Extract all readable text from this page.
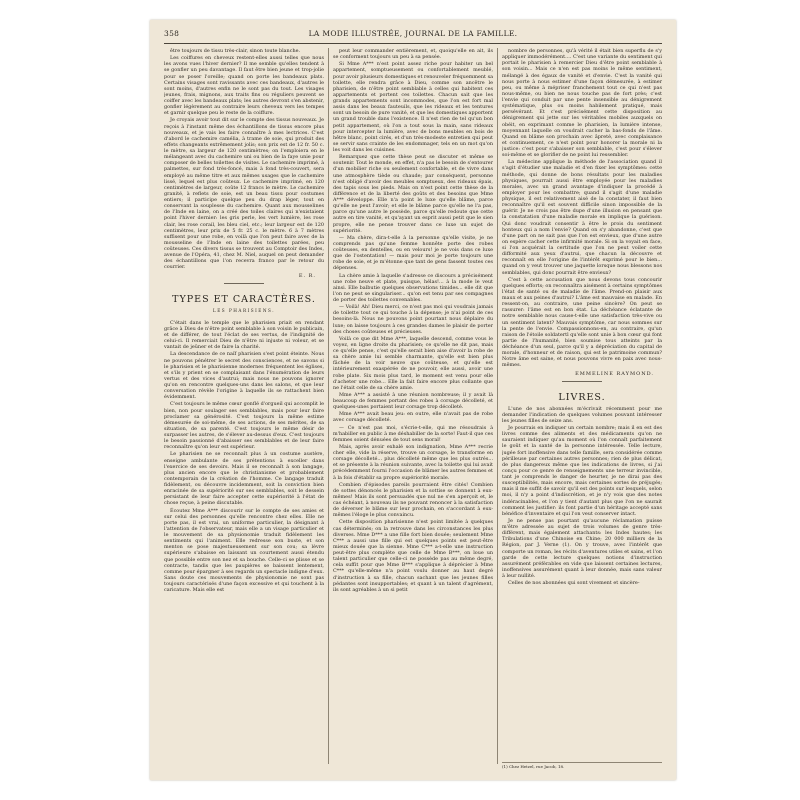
358	LA MODE ILLUSTRÉE, JOURNAL DE LA FAMILLE.

être toujours de tissu très-clair, sinon toute blanche.

Les coiffures en cheveux restent-elles aussi telles que nous les avons vues l'hiver dernier? Il me semble qu'elles tendent à se gonfler un peu davantage. Il faut être bien jeune et trop-jolie pour se poser l'oreille; quand on porte les bandeaux plats. Certains visages sont ravissants avec ces bandeaux, d'autres le sont moins, d'autres enfin ne le sont pas du tout. Les visages jeunes, frais, mignons, aux traits fins ou réguliers peuvent se coiffer avec les bandeaux plats; les autres devront s'en abstenir, gonfler légèrement au contraire leurs cheveux vers les tempes et garnir quelque peu le reste de la coiffure.

Je croyais avoir tout dit sur le compte des tissus nouveaux. Je reçois à l'instant même des échantillons de tissus encore plus nouveaux, et je vais les faire connaître à mes lectrices. C'est d'abord le cachemire camélia, à trame de soie, qui produit des effets changeants extrêmement jolis; son prix est de 12 fr. 50 c. le mètre, sa largeur de 120 centimètres; on l'emploiera en le mélangeant avec du cachemire uni ou bien de la faye unie pour composer de belles toilettes de visites. Le cachemire imprimé, à palmettes, sur fond très-foncé, mais à fond très-couvert, sera employé au même titre et aux mêmes usages que le cachemire lissé, lequel est plus coûteux. Le cachemire imprimé, en 120 centimètres de largeur, coûte 12 francs le mètre. Le cachemire granité, à reflets de soie, est un beau tissu pour costumes entiers; il participe quelque peu du drap léger, tout en conservant la souplesse du cachemire. Quant aux mousselines de l'Inde en laine, on a créé des toiles claires qui n'existaient point l'hiver dernier: les gris perle, les vert lumière, les rose clair, les rose corail, les bleu ciel, etc.; leur largeur est de 120 centimètres, leur prix de 5 fr. 25 c. le mètre. 6 à 7 mètres suffisent pour une robe, en voilà que l'on peut faire avec de la mousseline de l'Inde en laine des toilettes parées, peu coûteuses. Ces divers tissus se trouvent au Comptoir des Indes, avenue de l'Opéra, 41, chez M. Niel, auquel on peut demander des échantillons que l'on recevra franco par le retour du courrier.

E. R.
TYPES ET CARACTÈRES.
LES PHARISIENS.

C'était dans le temple que le pharisien priait en rendant grâce à Dieu de n'être point semblable à son voisin le publicain, et de différer, de tout l'éclat de ses vertus, de l'indignité de celui-ci. Il remerciait Dieu de n'être ni injuste ni voleur, et se vantait de jeûner et de faire la charité.

La descendance de ce naïf pharisien s'est point éteinte. Nous ne pouvons pénétrer le secret des consciences, et ne savons si le pharisien et le pharisienne modernes fréquentent les églises, et s'ils y prient en se complaisant dans l'énumération de leurs vertus et des vices d'autrui; mais nous ne pouvons ignorer qu'on en rencontre quelques-uns dans les salons, et que leur conversation révèle l'origine à laquelle ils se rattachent bien évidemment.

C'est toujours le même cœur gonflé d'orgueil qui accomplit le bien, non pour soulager ses semblables, mais pour leur faire proclamer sa générosité. C'est toujours la même estime démesurée de soi-même, de ses actions, de ses mérites, de sa situation, de sa parenté. C'est toujours le même désir de surpasser les autres, de s'élever au-dessus d'eux. C'est toujours le besoin passionné d'abaisser ses semblables et de leur faire reconnaître qu'on leur est supérieur.

Le pharisien ne se reconnaît plus à un costume austère, enseigne ambulante de ses prétentions à exceller dans l'exercice de ses devoirs. Mais il se reconnaît à son langage, plus ancien encore que le christianisme et probablement contemporain de la création de l'homme. Ce langage traduit fidèlement, ou découvre incidemment, soit la conviction bien enracinée de sa supériorité sur ses semblables, soit le dessein persistant de leur faire accepter cette supériorité à l'état de chose reçue, à peine discutable.

Écoutez Mme A*** discourir sur le compte de ses amies et sur celui des personnes qu'elle rencontre chez elles. Elle ne porte pas, il est vrai, un uniforme particulier, la désignant à l'attention de l'observateur, mais elle a un visage particulier et le mouvement de sa physionomie traduit fidèlement les sentiments qui l'animent. Elle redresse son buste, et son menton se pose majestueusement sur son cou; sa lèvre supérieure s'abaisse en laissant un courtement aussi étendu que possible entre son nez et sa bouche. Celle-ci se plisse et se contracte, tandis que les paupières se baissent lentement, comme pour épargner à ses regards un spectacle indigne d'eux. Sans doute ces mouvements de physionomie ne sont pas toujours caractérisés d'une façon excessive et qui touchent à la caricature. Mais elle est

peut leur commander entièrement, et, quoiqu'elle en ait, ils se conforment toujours un peu à sa pensée.

Si Mme A*** n'est point assez riche pour habiter un bel appartement, somptueusement ou confortablement meublé, pour avoir plusieurs domestiques et renouveler fréquemment sa toilette, elle rendra grâce à Dieu, comme son ancêtre le pharisien, de n'être point semblable à celles qui habitent ces appartements et portent ces toilettes. Chacun sait que les grands appartements sont incommodes, que l'on est fort mal assis dans les beaux fauteuils, que les rideaux et les tentures sont un besoin de pure vanité, et que les domestiques apportent un grand trouble dans l'existence. Il n'est rien de tel qu'un bon petit appartement, où l'on a tout sous la main, sans rideaux pour intercepter la lumière, avec de bons meubles en bois de hêtre blanc, point cirés, et d'un très-modeste entretien qui peut se servir sans crainte de les endommager, tels en un mot qu'on les voit dans les cuisines.

Remarquez que cette thèse peut se discuter et même se soutenir. Tout le monde, en effet, n'a pas le besoin de s'entourer d'un mobilier riche ou seulement confortable, et de vivre dans une atmosphère tiède ou chaude; par conséquent, personne n'est obligé d'avoir des meubles somptueux, des rideaux épais, des tapis sous les pieds. Mais on n'est point cette thèse de la différence et de la liberté des goûts et des besoins que Mme A*** développe. Elle n'a point le luxe qu'elle blâme, parce qu'elle ne peut l'avoir; et elle le blâme parce qu'elle ne l'a pas, parce qu'une autre le possède, parce qu'elle redoute que cette autre en tire vanité, et qu'ayant un esprit aussi petit que le sien propre, elle ne pense trouver dans ce luxe un sujet de supériorité.

— Ma chère, dira-t-elle à la personne qu'elle visite, je ne comprends pas qu'une femme honnête porte des robes coûteuses, en dentelles, ou en velours! je ne vois dans ce luxe que de l'ostentation! — mais pour moi je porte toujours une robe de soie, et je m'étonne que tant de gens fassent toutes ces dépenses.

La chère amie à laquelle s'adresse ce discours a précisément une robe neuve et plate, puisque, hélas!... à la mode le veut ainsi. Elle balbutie quelques observations timides... elle dit que l'on ne peut se singulariser... qu'on est tenu par ses compagnes de porter des toilettes convenables.

— Voilà! Ah! Dieu merci, ce n'est pas moi qui voudrais jamais de toilette tout ce qui touche à la dépense; je n'ai point de ces besoins-là. Nous ne pouvons point pourtant nous déplaire du luxe; on laisse toujours à ces grandes dames le plaisir de porter des choses coûteuses et précieuses.

Voilà ce que dit Mme A***, laquelle descend, comme vous le voyez, en ligne droite du pharisien; ce qu'elle ne dit pas, mais ce qu'elle pense, c'est qu'elle serait bien aise d'avoir la robe de sa chère amie lui semble charmante, qu'elle est bien plus fâchée de la voir neuve que coûteuse, et qu'elle est intérieurement exaspérée de ne pouvoir, elle aussi, avoir une robe plate. Six mois plus tard, le moment est venu pour elle d'acheter une robe... Elle la fait faire encore plus collante que ne l'était celle de sa chère amie.

Mme A*** a assisté à une réunion nombreuse; il y avait là beaucoup de femmes portant des robes à corsage décolleté, et quelques-unes portaient leur corsage trop décolleté.

Mme A*** avait beau jeu: en outre, elle n'avait pas de robe avec corsage décolleté.

— Ce n'est pas moi, s'écrie-t-elle, qui me résoudrais à m'habiller en public à me déshabiller de la sorte! Faut-il que ces femmes soient dénuées de tout sens moral!

Mais, après avoir exhalé son indignation, Mme A*** recrie cher elle, vide la réserve, trouve un corsage, le transforme en corsage décolleté... plus décolleté même que les plus outrés... et se présente à la réunion suivante, avec la toilette qui lui avait précédemment fourni l'occasion de blâmer les autres femmes et à la fois d'établir sa propre supériorité morale.

Combien d'épisodes pareils pourraient être cités! Combien de sottes dénoncés le pharisien et la sottise se donnent à eux-mêmes! Mais ils sont persuadés que nul ne s'en aperçoit et, le cas échéant, à nouveau ils ne pouvant renoncer à la satisfaction de déverser le blâme sur leur prochain, en s'accordant à eux-mêmes l'éloge le plus convaincu.

Cette disposition pharisienne n'est point limitée à quelques cas déterminés; on la retrouve dans les circonstances les plus diverses. Mme D*** a une fille fort bien douée; seulement Mme C*** a aussi une fille qui est quelques points est peut-être mieux douée que la sienne. Mme C*** a-t-elle une instruction peut-être plus complète que celle de Mme B***, on loue un talent particulier que celle-ci ne possède pas au même degré, cela suffit pour que Mme B*** s'applique à déprécier à Mme C*** qu'elle-même n'a point voulu donner au haut degré d'instruction à sa fille, chacun sachant que les jeunes filles pédantes sont insupportables; et quant à un talent d'agrément, ils sont agréables à un si petit

nombre de personnes, qu'à vérité il était bien superflu de s'y appliquer immodérément.... C'est une variante du sentiment qui portait le pharisien à remercier Dieu d'être point semblable à son voisin... Mais ce n'en est pas moins le même sentiment, mélangé à des égaux de vanité et d'envie. C'est la vanité qui nous porte à nous estimer d'une façon démesurée, à estimer peu, ou même à mépriser franchement tout ce qui n'est pas nous-même, ou bien ne nous touche pas de fort près; c'est l'envie qui conduit par une pente insensible au dénigrement systématique, plus ou moins habilement pratiqué, mais persévérant. Et c'est précisément cette disposition au dénigrement qui jette sur les véritables mobiles auxquels on obéit, en exprimant comme le pharisien, la lumière intense, moyennant laquelle on voudrait cacher la bas-fonds de l'âme. Quand on blâme son prochain avec âpreté, avec complaisance et continuement, ce n'est point pour honorer la morale ni la justice: c'est pour s'abaisser son semblable, c'est pour s'élever soi-même et se glorifier de ne point lui ressembler.

La médecine applique la méthode de l'association quand il s'agit d'étudier une maladie et d'en fixer les symptômes: cette méthode, qui donne de bons résultats pour les maladies physiques, pourrait aussi être employée pour les maladies morales, avec un grand avantage d'indiquer la procédé à employer pour les combattre; quand il s'agit d'une maladie physique, il est relativement aisé de la constater, il faut bien reconnaître qu'il est souvent difficile sinon impossible de la guérir. Je ne crois pas être dupe d'une illusion en pensant que la constatation d'une maladie morale en implique la guérison. Qui donc voudrait consentir à être le prois du sentiment honteux qui a nom l'envie? Quand on s'y abandonne, c'est que d'une part on ne sait pas que l'on est envieux, que d'une autre on espère cacher cette infirmité morale. Si on la voyait en face, si l'on acquérait la certitude que l'on ne peut voiler cette difformité aux yeux d'autrui, que chacun la découvre et reconnaît en elle l'origine de l'intérêt exprimé pour le bien... quand on y veut trouver une jaquette lorsque nous blessons nos semblables, qui donc pourrait être envieux?

C'est à cette accusation que nous devons tous concourir quelques efforts; on reconnaîtra aisément à certains symptômes l'état de santé ou de maladie de l'âme. Prend-on plaisir aux maux et aux peines d'autrui? L'âme est mauvaise en malade. En ressent-on, au contraire, une peine sincère? On peut se rassurer: l'âme est en bon état. La déchéance éclatante de notre semblable nous cause-t-elle une satisfaction très-vive ou un sentiment latent? Mauvais symptôme, car nous sommes sur la pente de l'envie. Compassionnons-en, au contraire, qu'un raison de l'étoile soldatertl qu'elle sont unie à bon cœur qui font partie de l'humanité, bien soumise tous atteints par la déchéance d'un seul, parce qu'il y a dépréciation du capital de morale, d'honneur et de raison, qui est le patrimoine commun? Notre âme est saine, et nous pouvons vivre en paix avec nous-mêmes.

EMMELINE RAYMOND.
LIVRES.

L'une de nos abonnées m'écrivait récemment pour me demander l'indication de quelques volumes pouvant intéresser les jeunes filles de seize ans.

Je pourrais en indiquer un certain nombre; mais il en est des livres comme des aliments et des médicaments qu'on ne sauraient indiquer qu'au moment où l'on connaît parfaitement le goût et la santé de la personne intéressée. Telle lecture, jugée fort inoffensive dans telle famille, sera considérée comme périlleuse par certaines autres personnes; rien de plus délicat, de plus dangereux même que les indications de livres, si j'ai conçu pour ce genre de renseignements une terreur invincible, tant je comprends le danger de heurter, je ne dirai pas des susceptibilités, mais encore, mais certaines sortes de préjugés; mais il me suffit de savoir qu'il est des points sur lesquels, selon moi, il n'y a point d'indiscrétion, et je n'y vois que des notes indéracinables, et l'on y tient d'autant plus que l'on ne saurait comment les justifier: ils font partie d'un héritage accepté sans bénéfice d'inventaire et qui l'on veut conserver intact.

Je ne pense pas pourtant qu'aucune réclamation puisse m'être adressée au sujet de trois volumes de genre très-différent, mais également attachants: les Indes hautes; les Tribulations d'une Chinoise en Chine; 20 000 milliers de la Région, par J. Verne (1). On y trouve, avec l'intérêt que comporte un roman, les récits d'aventures utiles et sains, et l'on garde de cette lecture quelques notions d'instruction assurément préférables en vide que laissent certaines lectures, inoffensives assurément quant à leur donnée, mais sans valeur à leur nullité.

Celles de nos abonnées qui sont vivement et sincère-

(1) Chez Hetzel, rue Jacob, 18.
